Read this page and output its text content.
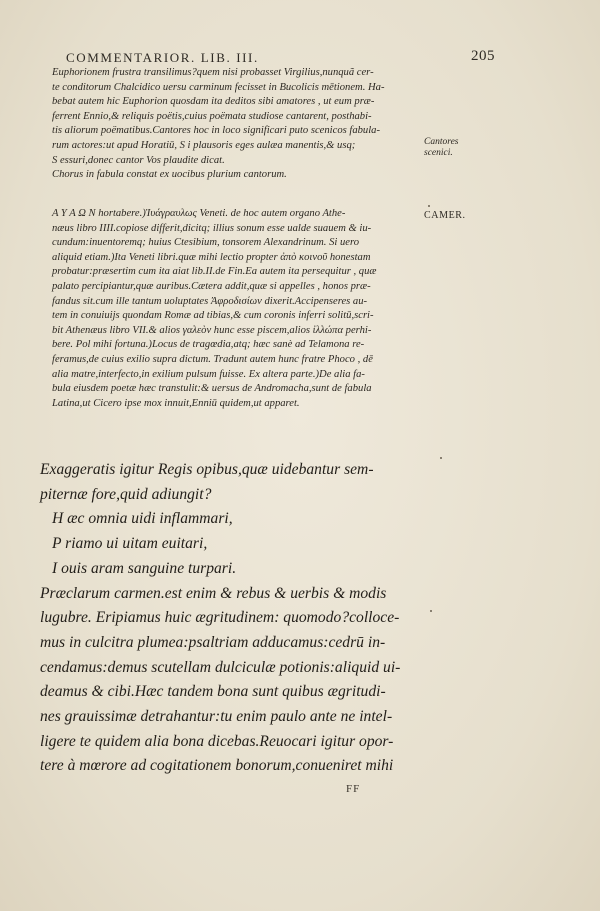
COMMENTARIOR. LIB. III.	205
Euphorionem frustra transilimus?quem nisi probasset Virgilius,nunquã cer-
te conditorum Chalcidico uersu carminum fecisset in Bucolicis mētionem. Ha-
bebat autem hic Euphorion quosdam ita deditos sibi amatores , ut eum præ-
ferrent Ennio,& reliquis poëtis,cuius poëmata studiose cantarent, posthabi-
tis aliorum poëmatibus.Cantores hoc in loco significari puto scenicos fabula-
rum actores:ut apud Horatiū, S i plausoris eges aulæa manentis,& usq;
S essuri,donec cantor Vos plaudite dicat.
Chorus in fabula constat ex uocibus plurium cantorum.
Cantores
scenici.
CAMER.
A Y A Ω N hortabere.)Ἰυάγραυλως Veneti. de hoc autem organo Athe-
næus libro IIII.copiose differit,dicitq; illius sonum esse ualde suauem & iu-
cundum:inuentoremq; huius Ctesibium, tonsorem Alexandrinum. Si uero
aliquid etiam.)Ita Veneti libri.quæ mihi lectio propter ἀπὸ κοινοῦ honestam
probatur:præsertim cum ita aiat lib.II.de Fin.Ea autem ita persequitur , quæ
palato percipiantur,quæ auribus.Cætera addit,quæ si appelles , honos præ-
fandus sit.cum ille tantum uoluptates Ἀφροδισίων dixerit.Accipenseres au-
tem in conuiuijs quondam Romæ ad tibias,& cum coronis inferri solitū,scri-
bit Athenæus libro VII.& alios γαλεὸν hunc esse piscem,alios ἰλλώπα perhi-
bere. Pol mihi fortuna.)Locus de tragœdia,atq; hæc sanè ad Telamona re-
feramus,de cuius exilio supra dictum. Tradunt autem hunc fratre Phoco , dē
alia matre,interfecto,in exilium pulsum fuisse. Ex altera parte.)De alia fa-
bula eiusdem poetæ hæc transtulit:& uersus de Andromacha,sunt de fabula
Latina,ut Cicero ipse mox innuit,Enniū quidem,ut apparet.
Exaggeratis igitur Regis opibus,quæ uidebantur sem-
piternæ fore,quid adiungit?
H æc omnia uidi inflammari,
P riamo ui uitam euitari,
I ouis aram sanguine turpari.
Præclarum carmen.est enim & rebus & uerbis & modis
lugubre. Eripiamus huic ægritudinem: quomodo?colloce-
mus in culcitra plumea:psaltriam adducamus:cedrū in-
cendamus:demus scutellam dulciculæ potionis:aliquid ui-
deamus & cibi.Hæc tandem bona sunt quibus ægritudi-
nes grauissimæ detrahantur:tu enim paulo ante ne intel-
ligere te quidem alia bona dicebas.Reuocari igitur opor-
tere à mœrore ad cogitationem bonorum,conueniret mihi
FF
